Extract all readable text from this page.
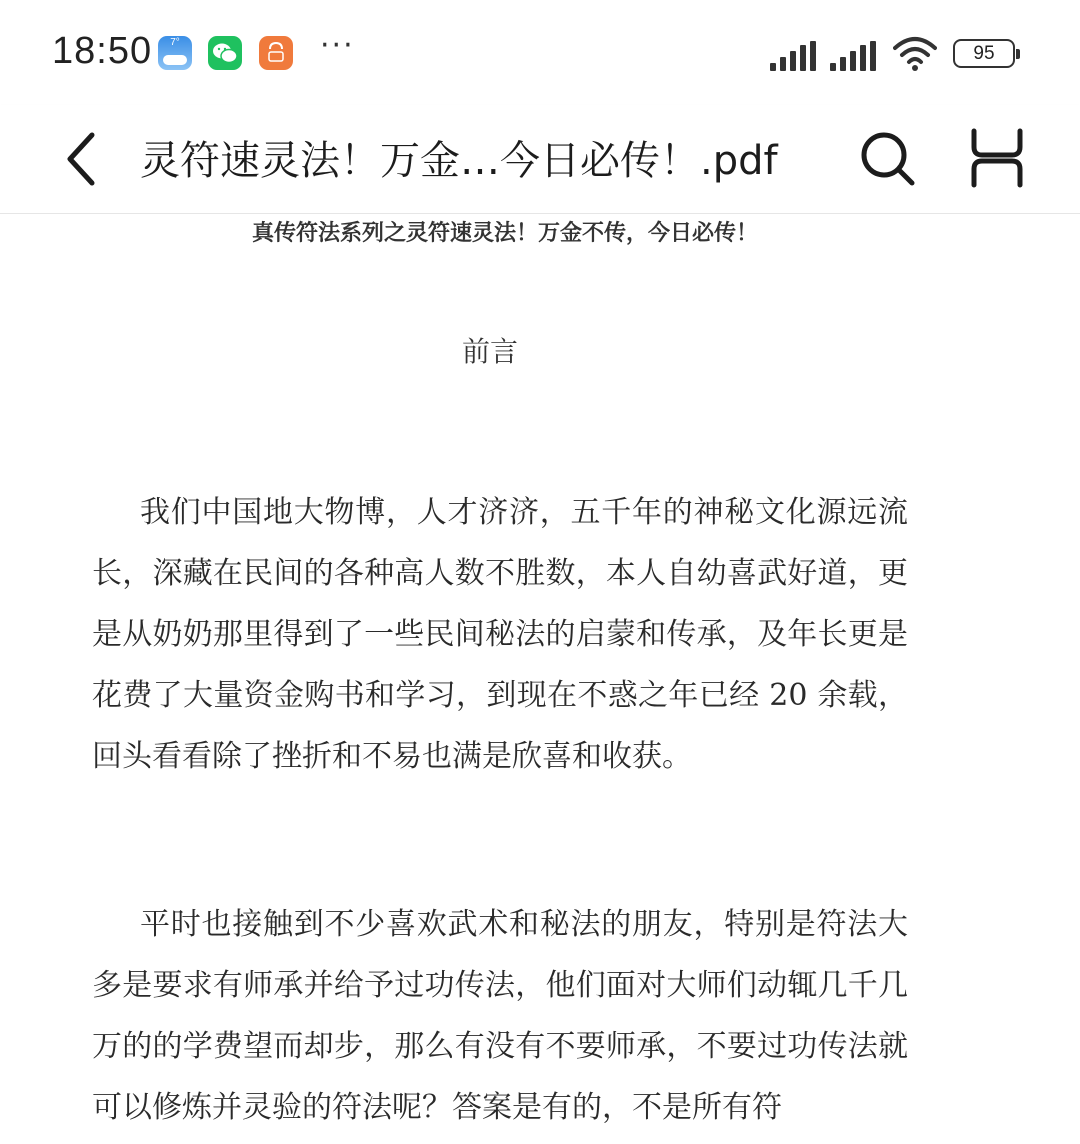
18:50	7°	···	95
灵符速灵法！万金…今日必传！.pdf
真传符法系列之灵符速灵法！万金不传，今日必传！
前言

我们中国地大物博，人才济济，五千年的神秘文化源远流长，深藏在民间的各种高人数不胜数，本人自幼喜武好道，更是从奶奶那里得到了一些民间秘法的启蒙和传承，及年长更是花费了大量资金购书和学习，到现在不惑之年已经 20 余载，回头看看除了挫折和不易也满是欣喜和收获。

平时也接触到不少喜欢武术和秘法的朋友，特别是符法大多是要求有师承并给予过功传法，他们面对大师们动辄几千几万的的学费望而却步，那么有没有不要师承，不要过功传法就可以修炼并灵验的符法呢？答案是有的，不是所有符
